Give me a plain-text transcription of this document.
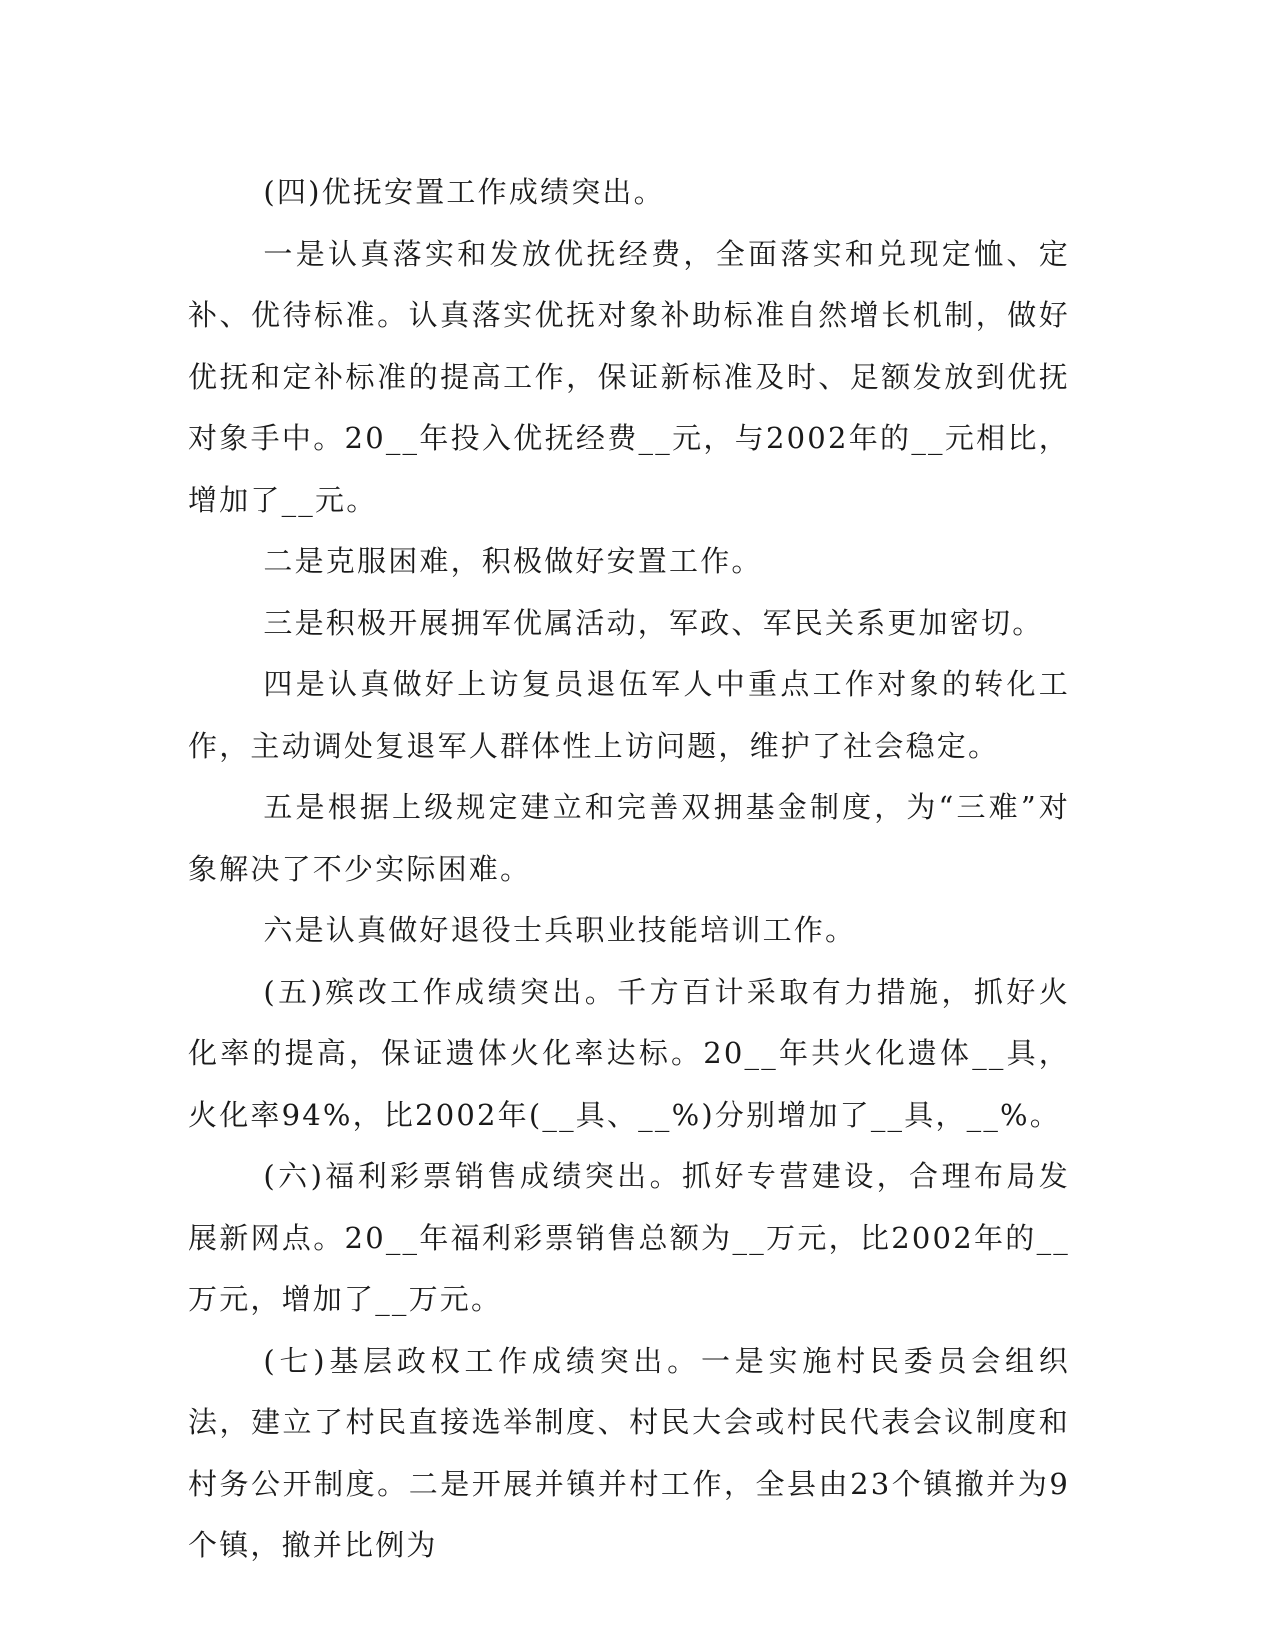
(四)优抚安置工作成绩突出。

一是认真落实和发放优抚经费，全面落实和兑现定恤、定补、优待标准。认真落实优抚对象补助标准自然增长机制，做好优抚和定补标准的提高工作，保证新标准及时、足额发放到优抚对象手中。20__年投入优抚经费__元，与2002年的__元相比，增加了__元。

二是克服困难，积极做好安置工作。

三是积极开展拥军优属活动，军政、军民关系更加密切。

四是认真做好上访复员退伍军人中重点工作对象的转化工作，主动调处复退军人群体性上访问题，维护了社会稳定。

五是根据上级规定建立和完善双拥基金制度，为“三难”对象解决了不少实际困难。

六是认真做好退役士兵职业技能培训工作。

(五)殡改工作成绩突出。千方百计采取有力措施，抓好火化率的提高，保证遗体火化率达标。20__年共火化遗体__具，火化率94%，比2002年(__具、__%)分别增加了__具，__%。

(六)福利彩票销售成绩突出。抓好专营建设，合理布局发展新网点。20__年福利彩票销售总额为__万元，比2002年的__万元，增加了__万元。

(七)基层政权工作成绩突出。一是实施村民委员会组织法，建立了村民直接选举制度、村民大会或村民代表会议制度和村务公开制度。二是开展并镇并村工作，全县由23个镇撤并为9个镇，撤并比例为
